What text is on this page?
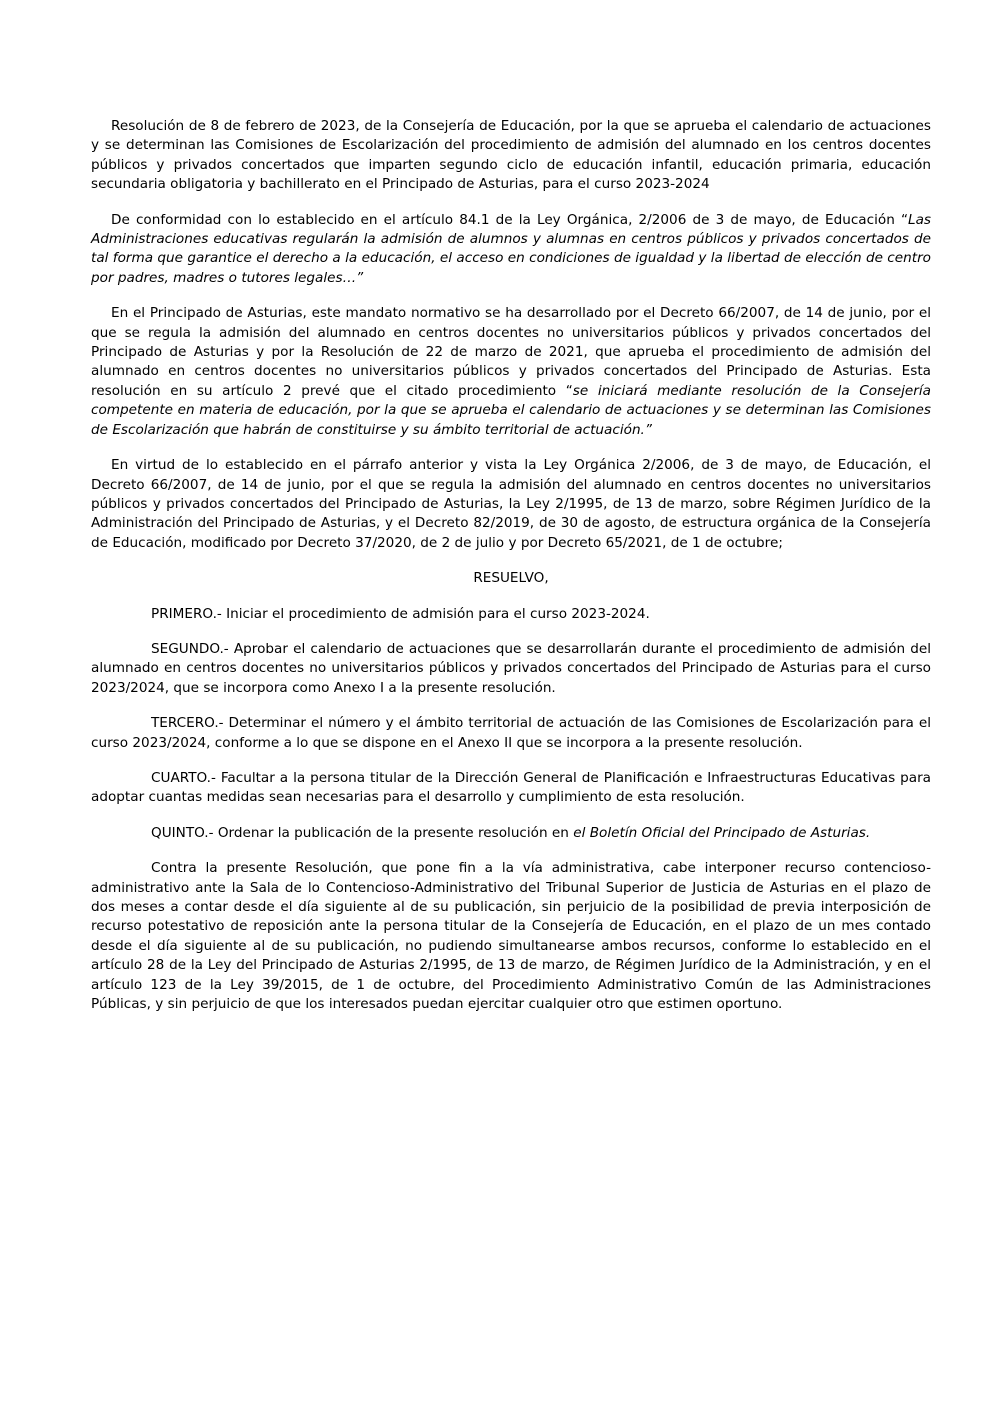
Resolución de 8 de febrero de 2023, de la Consejería de Educación, por la que se aprueba el calendario de actuaciones y se determinan las Comisiones de Escolarización del procedimiento de admisión del alumnado en los centros docentes públicos y privados concertados que imparten segundo ciclo de educación infantil, educación primaria, educación secundaria obligatoria y bachillerato en el Principado de Asturias, para el curso 2023-2024

De conformidad con lo establecido en el artículo 84.1 de la Ley Orgánica, 2/2006 de 3 de mayo, de Educación “Las Administraciones educativas regularán la admisión de alumnos y alumnas en centros públicos y privados concertados de tal forma que garantice el derecho a la educación, el acceso en condiciones de igualdad y la libertad de elección de centro por padres, madres o tutores legales…”

En el Principado de Asturias, este mandato normativo se ha desarrollado por el Decreto 66/2007, de 14 de junio, por el que se regula la admisión del alumnado en centros docentes no universitarios públicos y privados concertados del Principado de Asturias y por la Resolución de 22 de marzo de 2021, que aprueba el procedimiento de admisión del alumnado en centros docentes no universitarios públicos y privados concertados del Principado de Asturias. Esta resolución en su artículo 2 prevé que el citado procedimiento “se iniciará mediante resolución de la Consejería competente en materia de educación, por la que se aprueba el calendario de actuaciones y se determinan las Comisiones de Escolarización que habrán de constituirse y su ámbito territorial de actuación.”

En virtud de lo establecido en el párrafo anterior y vista la Ley Orgánica 2/2006, de 3 de mayo, de Educación, el Decreto 66/2007, de 14 de junio, por el que se regula la admisión del alumnado en centros docentes no universitarios públicos y privados concertados del Principado de Asturias, la Ley 2/1995, de 13 de marzo, sobre Régimen Jurídico de la Administración del Principado de Asturias, y el Decreto 82/2019, de 30 de agosto, de estructura orgánica de la Consejería de Educación, modificado por Decreto 37/2020, de 2 de julio y por Decreto 65/2021, de 1 de octubre;

RESUELVO,

PRIMERO.- Iniciar el procedimiento de admisión para el curso 2023-2024.

SEGUNDO.- Aprobar el calendario de actuaciones que se desarrollarán durante el procedimiento de admisión del alumnado en centros docentes no universitarios públicos y privados concertados del Principado de Asturias para el curso 2023/2024, que se incorpora como Anexo I a la presente resolución.

TERCERO.- Determinar el número y el ámbito territorial de actuación de las Comisiones de Escolarización para el curso 2023/2024, conforme a lo que se dispone en el Anexo II que se incorpora a la presente resolución.

CUARTO.- Facultar a la persona titular de la Dirección General de Planificación e Infraestructuras Educativas para adoptar cuantas medidas sean necesarias para el desarrollo y cumplimiento de esta resolución.

QUINTO.- Ordenar la publicación de la presente resolución en el Boletín Oficial del Principado de Asturias.

Contra la presente Resolución, que pone fin a la vía administrativa, cabe interponer recurso contencioso-administrativo ante la Sala de lo Contencioso-Administrativo del Tribunal Superior de Justicia de Asturias en el plazo de dos meses a contar desde el día siguiente al de su publicación, sin perjuicio de la posibilidad de previa interposición de recurso potestativo de reposición ante la persona titular de la Consejería de Educación, en el plazo de un mes contado desde el día siguiente al de su publicación, no pudiendo simultanearse ambos recursos, conforme lo establecido en el artículo 28 de la Ley del Principado de Asturias 2/1995, de 13 de marzo, de Régimen Jurídico de la Administración, y en el artículo 123 de la Ley 39/2015, de 1 de octubre, del Procedimiento Administrativo Común de las Administraciones Públicas, y sin perjuicio de que los interesados puedan ejercitar cualquier otro que estimen oportuno.
